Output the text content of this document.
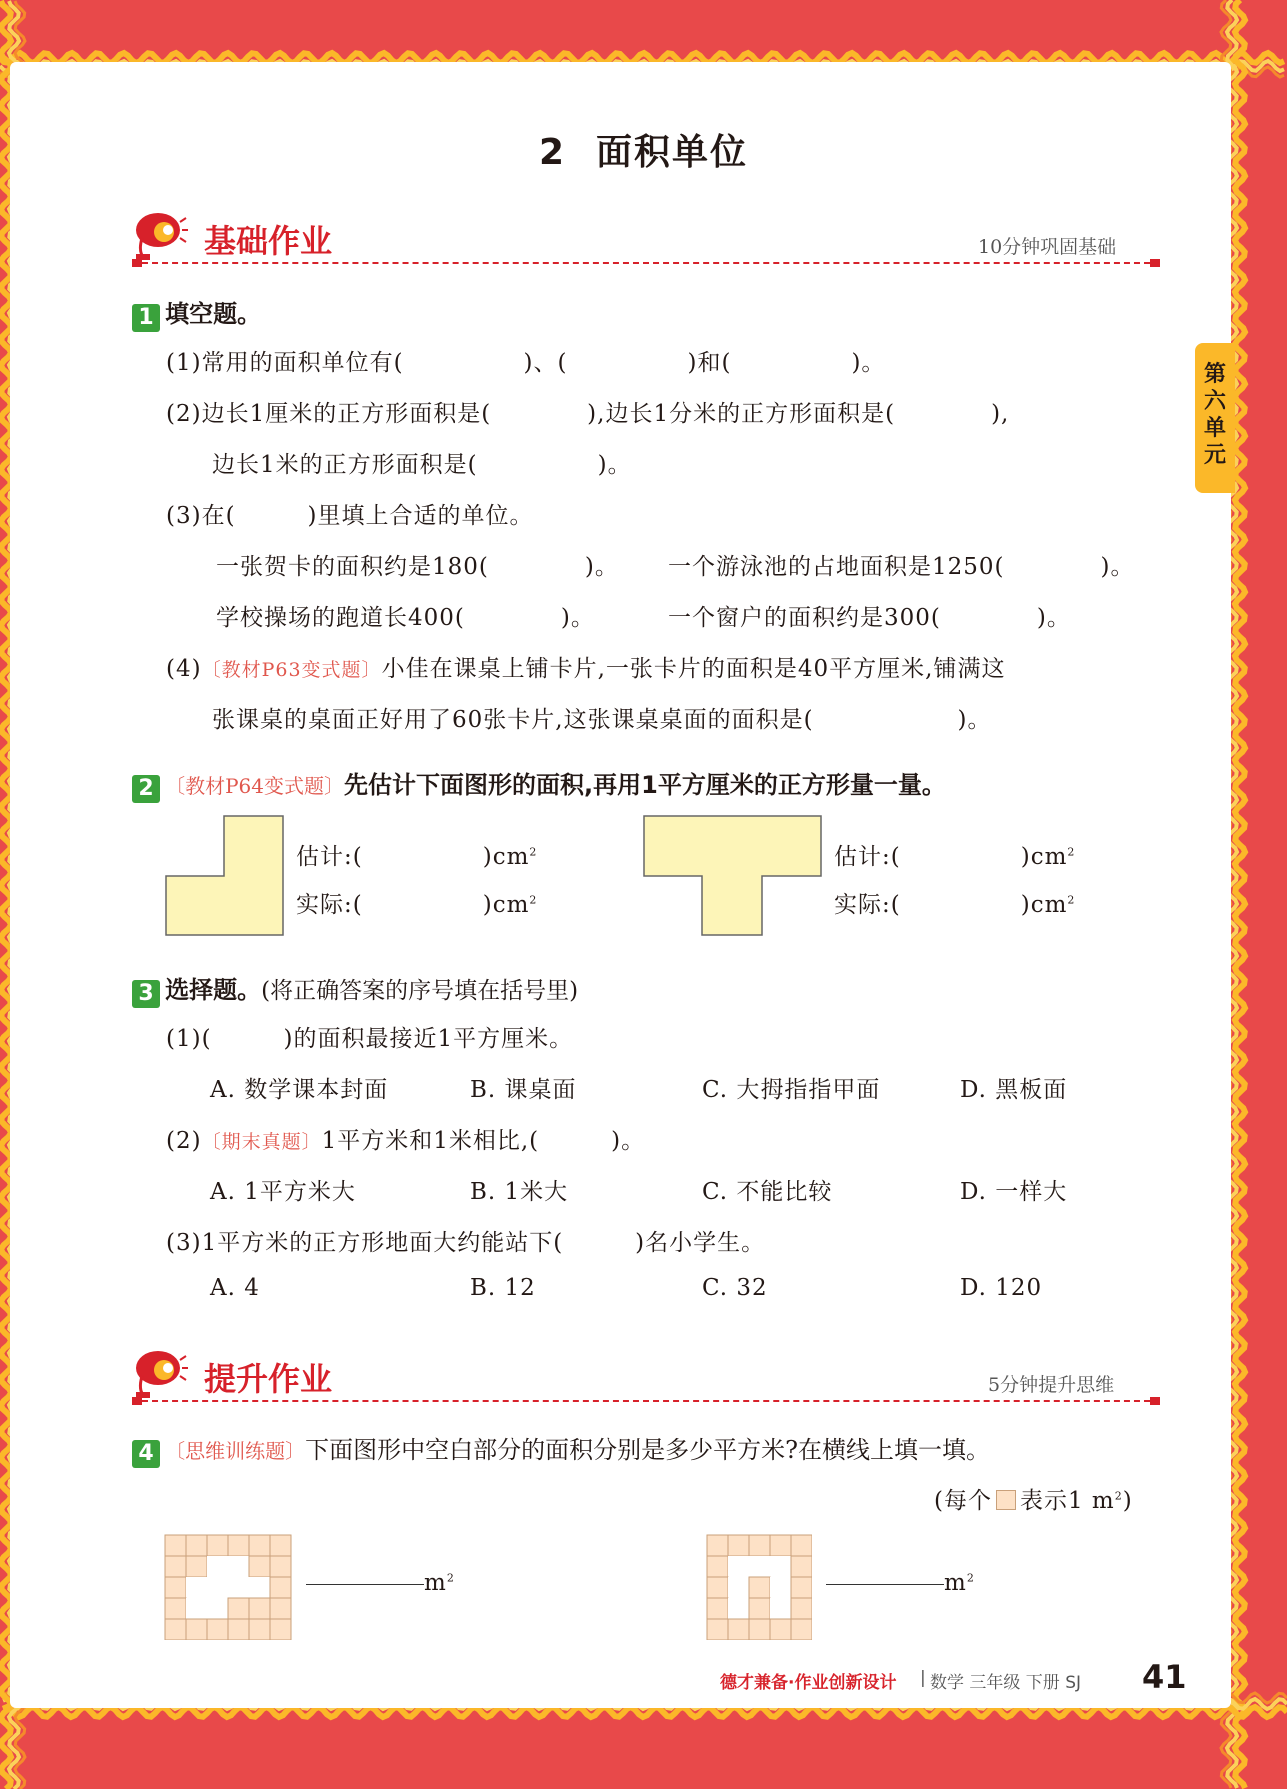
第
六
单
元
2 面积单位
基础作业	10分钟巩固基础
1 填空题。
(1)常用的面积单位有(　　　　　)、(　　　　　)和(　　　　　)。
(2)边长1厘米的正方形面积是(　　　　),边长1分米的正方形面积是(　　　　),
边长1米的正方形面积是(　　　　　)。
(3)在(　　　)里填上合适的单位。
一张贺卡的面积约是180(　　　　)。 一个游泳池的占地面积是1250(　　　　)。
学校操场的跑道长400(　　　　)。	一个窗户的面积约是300(　　　　)。
(4)〔教材P63变式题〕小佳在课桌上铺卡片,一张卡片的面积是40平方厘米,铺满这
张课桌的桌面正好用了60张卡片,这张课桌桌面的面积是(　　　　　　)。
2 〔教材P64变式题〕先估计下面图形的面积,再用1平方厘米的正方形量一量。
估计:(　　　　　)$cm^2$
实际:(　　　　　)$cm^2$
估计:(　　　　　)$cm^2$
实际:(　　　　　)$cm^2$
3 选择题。(将正确答案的序号填在括号里)
(1)(　　　)的面积最接近1平方厘米。
A. 数学课本封面	B. 课桌面	C. 大拇指指甲面	D. 黑板面
(2)〔期末真题〕1平方米和1米相比,(　　　)。
A. 1平方米大	B. 1米大	C. 不能比较	D. 一样大
(3)1平方米的正方形地面大约能站下(　　　)名小学生。
A. 4	B. 12	C. 32	D. 120
提升作业	5分钟提升思维
4 〔思维训练题〕下面图形中空白部分的面积分别是多少平方米?在横线上填一填。
(每个 表示1 $m^2$)
$m^2$	$m^2$
德才兼备·作业创新设计 | 数学 三年级 下册 SJ 41
